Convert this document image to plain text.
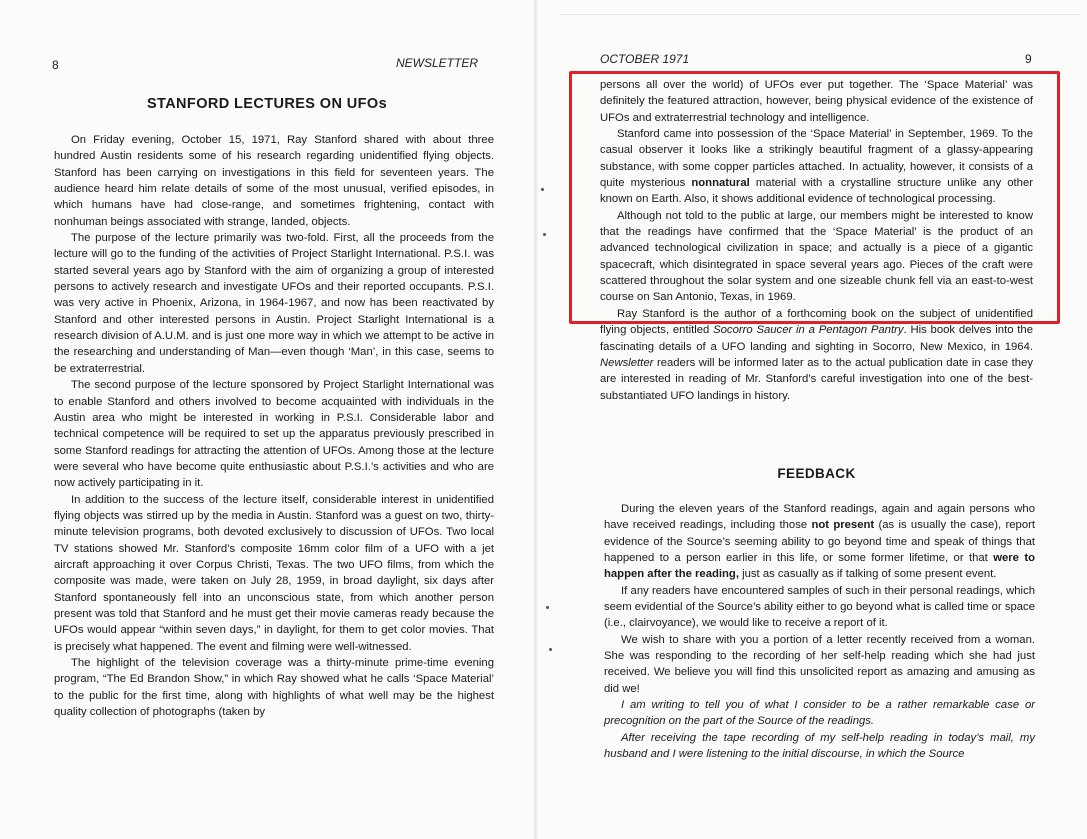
8	NEWSLETTER
STANFORD LECTURES ON UFOs

On Friday evening, October 15, 1971, Ray Stanford shared with about three hundred Austin residents some of his research regarding unidentified flying objects. Stanford has been carrying on investigations in this field for seventeen years. The audience heard him relate details of some of the most unusual, verified episodes, in which humans have had close-range, and sometimes frightening, contact with nonhuman beings associated with strange, landed, objects.

The purpose of the lecture primarily was two-fold. First, all the proceeds from the lecture will go to the funding of the activities of Project Starlight International. P.S.I. was started several years ago by Stanford with the aim of organizing a group of interested persons to actively research and investigate UFOs and their reported occupants. P.S.I. was very active in Phoenix, Arizona, in 1964-1967, and now has been reactivated by Stanford and other interested persons in Austin. Project Starlight International is a research division of A.U.M. and is just one more way in which we attempt to be active in the researching and understanding of Man—even though ‘Man’, in this case, seems to be extraterrestrial.

The second purpose of the lecture sponsored by Project Starlight International was to enable Stanford and others involved to become acquainted with individuals in the Austin area who might be interested in working in P.S.I. Considerable labor and technical competence will be required to set up the apparatus previously prescribed in some Stanford readings for attracting the attention of UFOs. Among those at the lecture were several who have become quite enthusiastic about P.S.I.’s activities and who are now actively participating in it.

In addition to the success of the lecture itself, considerable interest in unidentified flying objects was stirred up by the media in Austin. Stanford was a guest on two, thirty-minute television programs, both devoted exclusively to discussion of UFOs. Two local TV stations showed Mr. Stanford’s composite 16mm color film of a UFO with a jet aircraft approaching it over Corpus Christi, Texas. The two UFO films, from which the composite was made, were taken on July 28, 1959, in broad daylight, six days after Stanford spontaneously fell into an unconscious state, from which another person present was told that Stanford and he must get their movie cameras ready because the UFOs would appear “within seven days,” in daylight, for them to get color movies. That is precisely what happened. The event and filming were well-witnessed.

The highlight of the television coverage was a thirty-minute prime-time evening program, “The Ed Brandon Show,” in which Ray showed what he calls ‘Space Material’ to the public for the first time, along with highlights of what well may be the highest quality collection of photographs (taken by

OCTOBER 1971	9

persons all over the world) of UFOs ever put together. The ‘Space Material’ was definitely the featured attraction, however, being physical evidence of the existence of UFOs and extraterrestrial technology and intelligence.

Stanford came into possession of the ‘Space Material’ in September, 1969. To the casual observer it looks like a strikingly beautiful fragment of a glassy-appearing substance, with some copper particles attached. In actuality, however, it consists of a quite mysterious nonnatural material with a crystalline structure unlike any other known on Earth. Also, it shows additional evidence of technological processing.

Although not told to the public at large, our members might be interested to know that the readings have confirmed that the ‘Space Material’ is the product of an advanced technological civilization in space; and actually is a piece of a gigantic spacecraft, which disintegrated in space several years ago. Pieces of the craft were scattered throughout the solar system and one sizeable chunk fell via an east-to-west course on San Antonio, Texas, in 1969.

Ray Stanford is the author of a forthcoming book on the subject of unidentified flying objects, entitled Socorro Saucer in a Pentagon Pantry. His book delves into the fascinating details of a UFO landing and sighting in Socorro, New Mexico, in 1964. Newsletter readers will be informed later as to the actual publication date in case they are interested in reading of Mr. Stanford’s careful investigation into one of the best-substantiated UFO landings in history.

FEEDBACK

During the eleven years of the Stanford readings, again and again persons who have received readings, including those not present (as is usually the case), report evidence of the Source’s seeming ability to go beyond time and speak of things that happened to a person earlier in this life, or some former lifetime, or that were to happen after the reading, just as casually as if talking of some present event.

If any readers have encountered samples of such in their personal readings, which seem evidential of the Source’s ability either to go beyond what is called time or space (i.e., clairvoyance), we would like to receive a report of it.

We wish to share with you a portion of a letter recently received from a woman. She was responding to the recording of her self-help reading which she had just received. We believe you will find this unsolicited report as amazing and amusing as did we!

I am writing to tell you of what I consider to be a rather remarkable case or precognition on the part of the Source of the readings.

After receiving the tape recording of my self-help reading in today’s mail, my husband and I were listening to the initial discourse, in which the Source
